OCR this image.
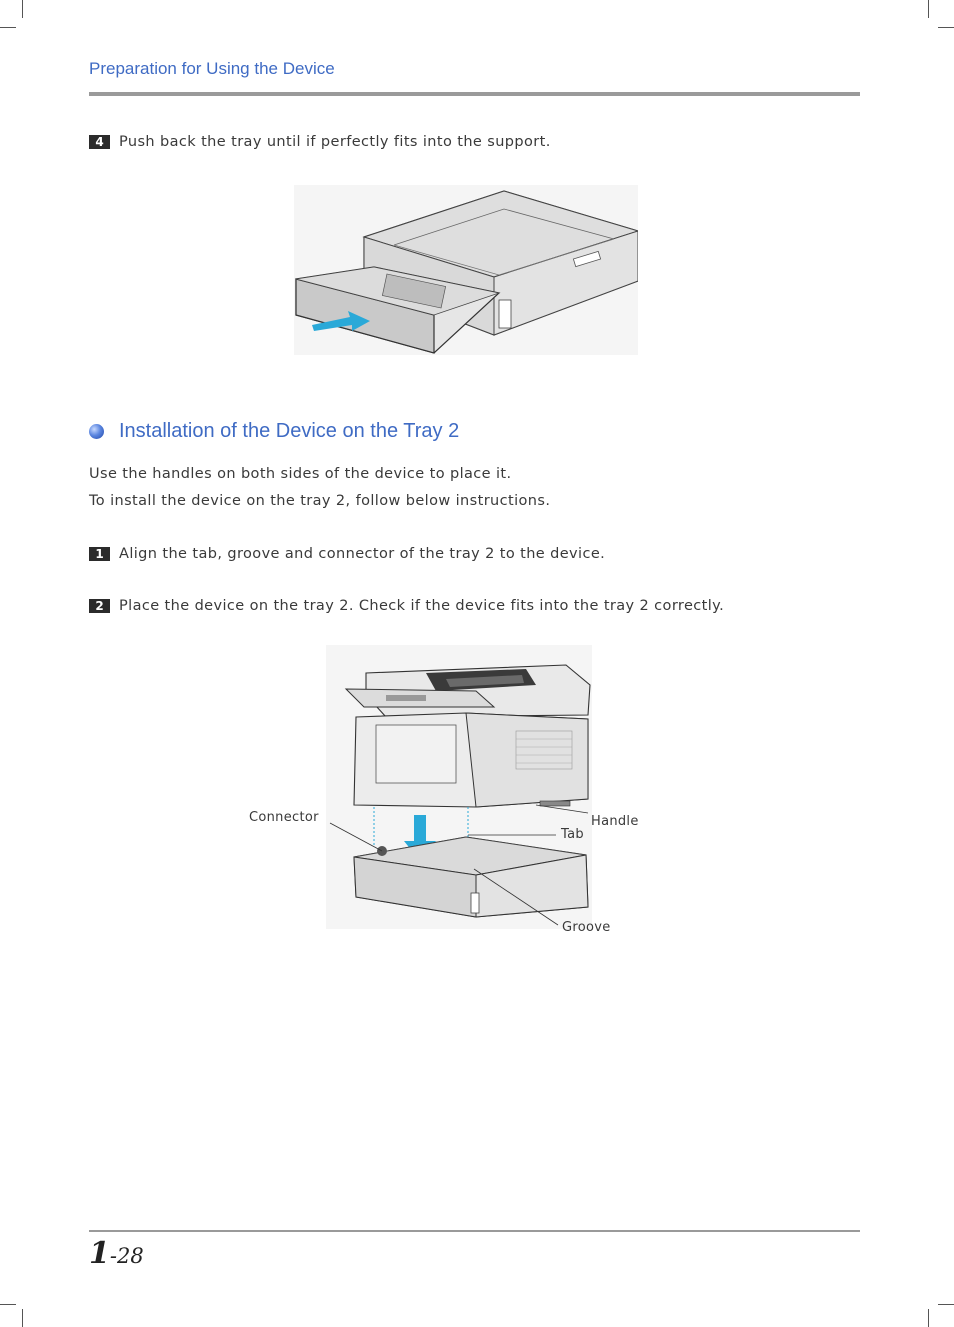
Preparation for Using the Device
4	Push back the tray until if perfectly fits into the support.
Installation of the Device on the Tray 2
Use the handles on both sides of the device to place it.
To install the device on the tray 2, follow below instructions.
1	Align the tab, groove and connector of the tray 2 to the device.
2	Place the device on the tray 2. Check if the device fits into the tray 2 correctly.
Connector	Handle
Tab
Groove
1-28
